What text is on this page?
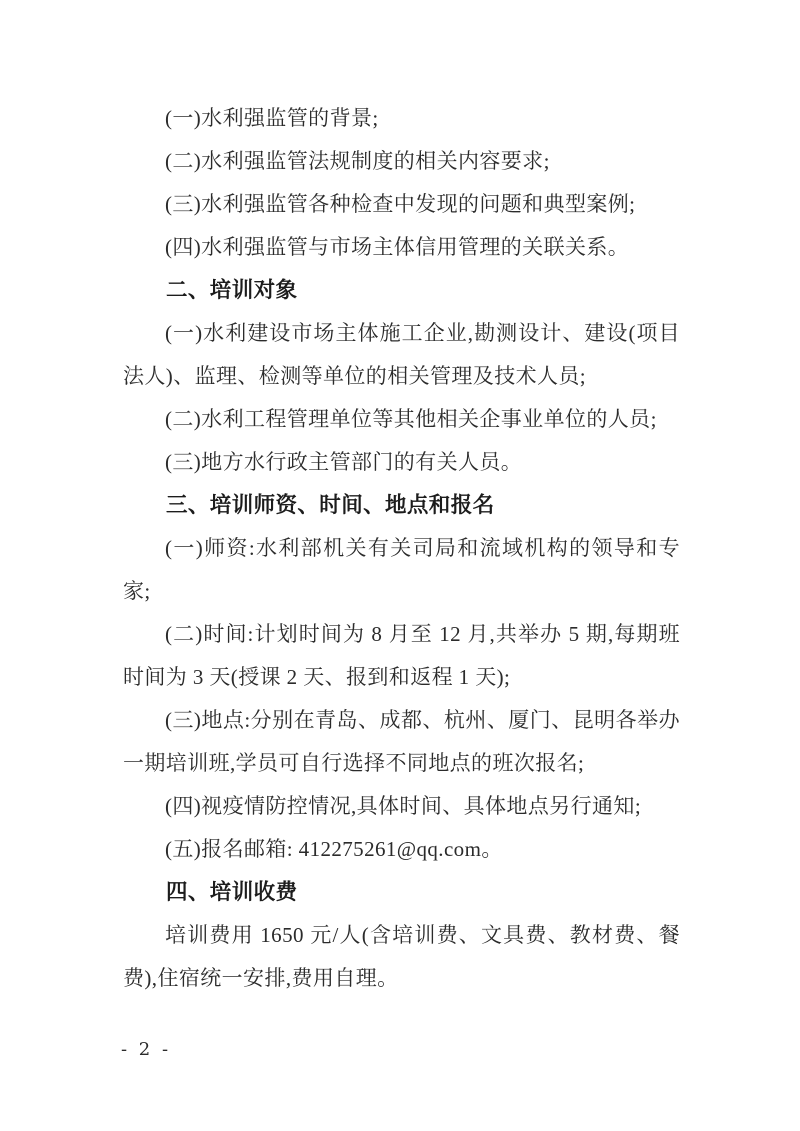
(一)水利强监管的背景;

(二)水利强监管法规制度的相关内容要求;

(三)水利强监管各种检查中发现的问题和典型案例;

(四)水利强监管与市场主体信用管理的关联关系。

二、培训对象

(一)水利建设市场主体施工企业,勘测设计、建设(项目法人)、监理、检测等单位的相关管理及技术人员;

(二)水利工程管理单位等其他相关企事业单位的人员;

(三)地方水行政主管部门的有关人员。

三、培训师资、时间、地点和报名

(一)师资:水利部机关有关司局和流域机构的领导和专家;

(二)时间:计划时间为 8 月至 12 月,共举办 5 期,每期班时间为 3 天(授课 2 天、报到和返程 1 天);

(三)地点:分别在青岛、成都、杭州、厦门、昆明各举办一期培训班,学员可自行选择不同地点的班次报名;

(四)视疫情防控情况,具体时间、具体地点另行通知;

(五)报名邮箱: 412275261@qq.com。

四、培训收费

培训费用 1650 元/人(含培训费、文具费、教材费、餐费),住宿统一安排,费用自理。

- 2 -
